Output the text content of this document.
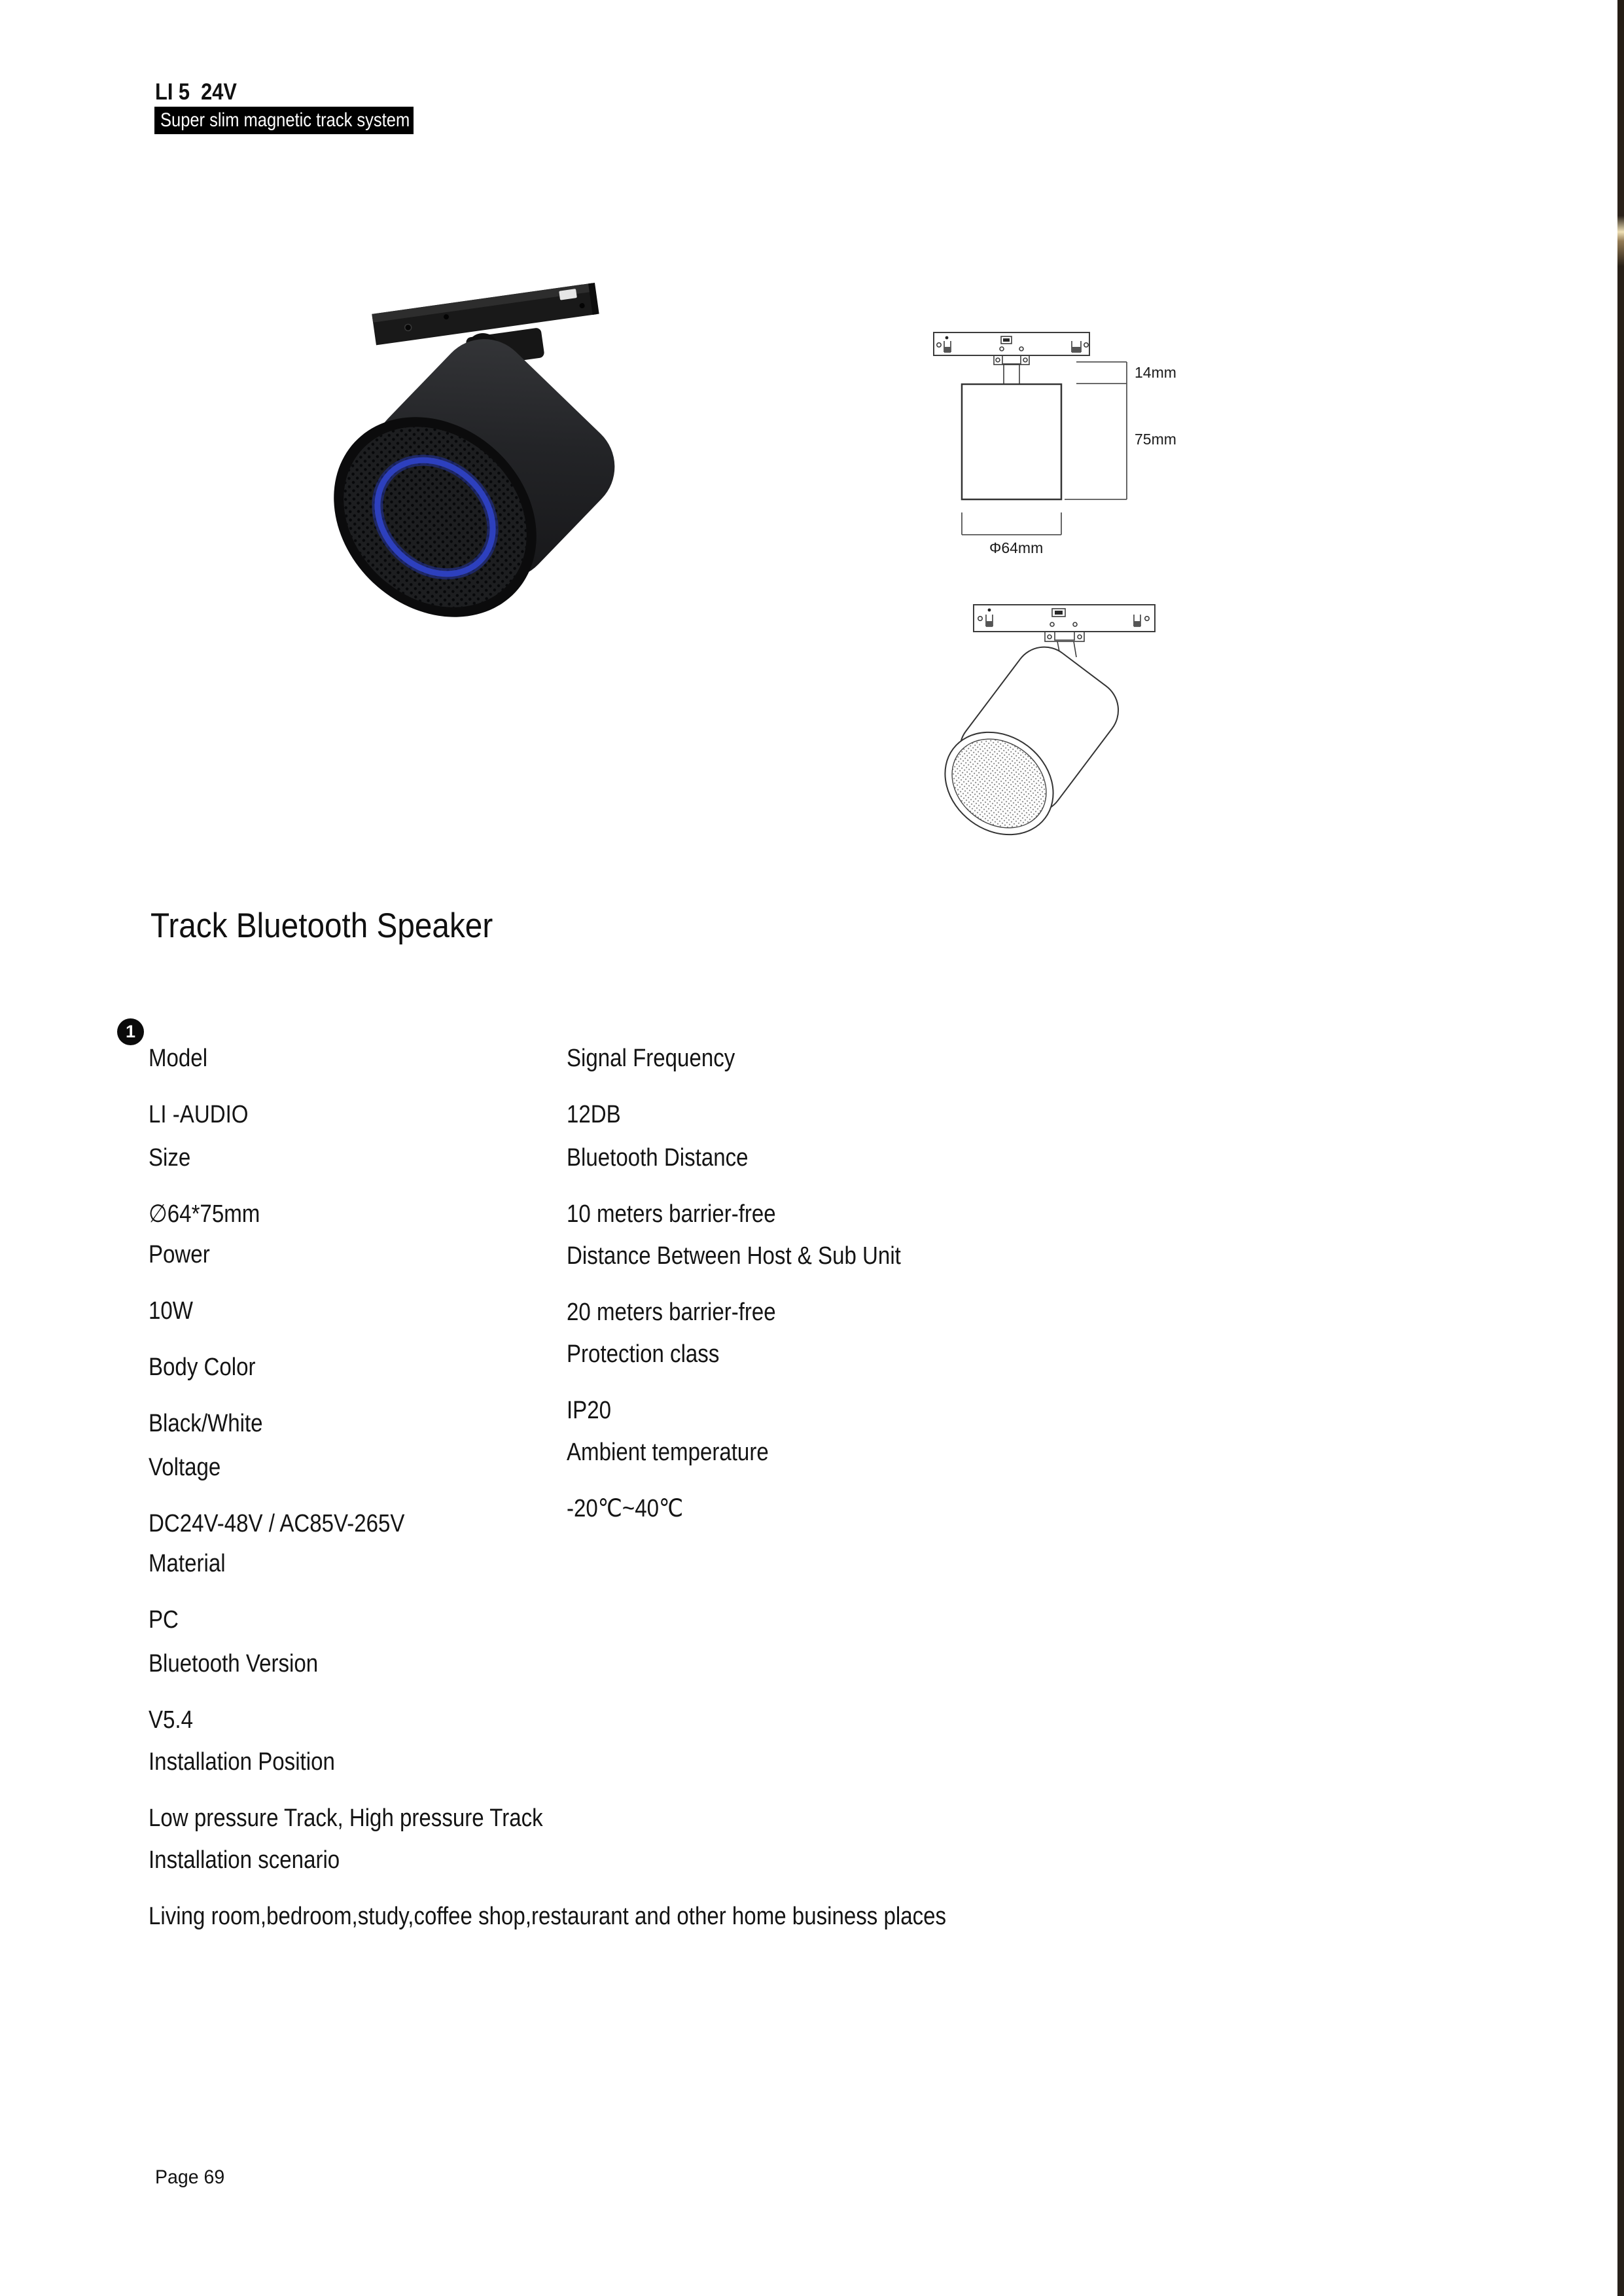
LI 5  24V
Super slim magnetic track system
14mm
75mm
Φ64mm
Track Bluetooth Speaker
1

Model

LI -AUDIO

Size

∅64*75mm

Power

10W

Body Color

Black/White

Voltage

DC24V-48V / AC85V-265V

Material

PC

Bluetooth Version

V5.4

Installation Position

Low pressure Track, High pressure Track

Installation scenario

Living room,bedroom,study,coffee shop,restaurant and other home business places

Signal Frequency

12DB

Bluetooth Distance

10 meters barrier-free

Distance Between Host & Sub Unit

20 meters barrier-free

Protection class

IP20

Ambient temperature

-20℃~40℃

Page 69
